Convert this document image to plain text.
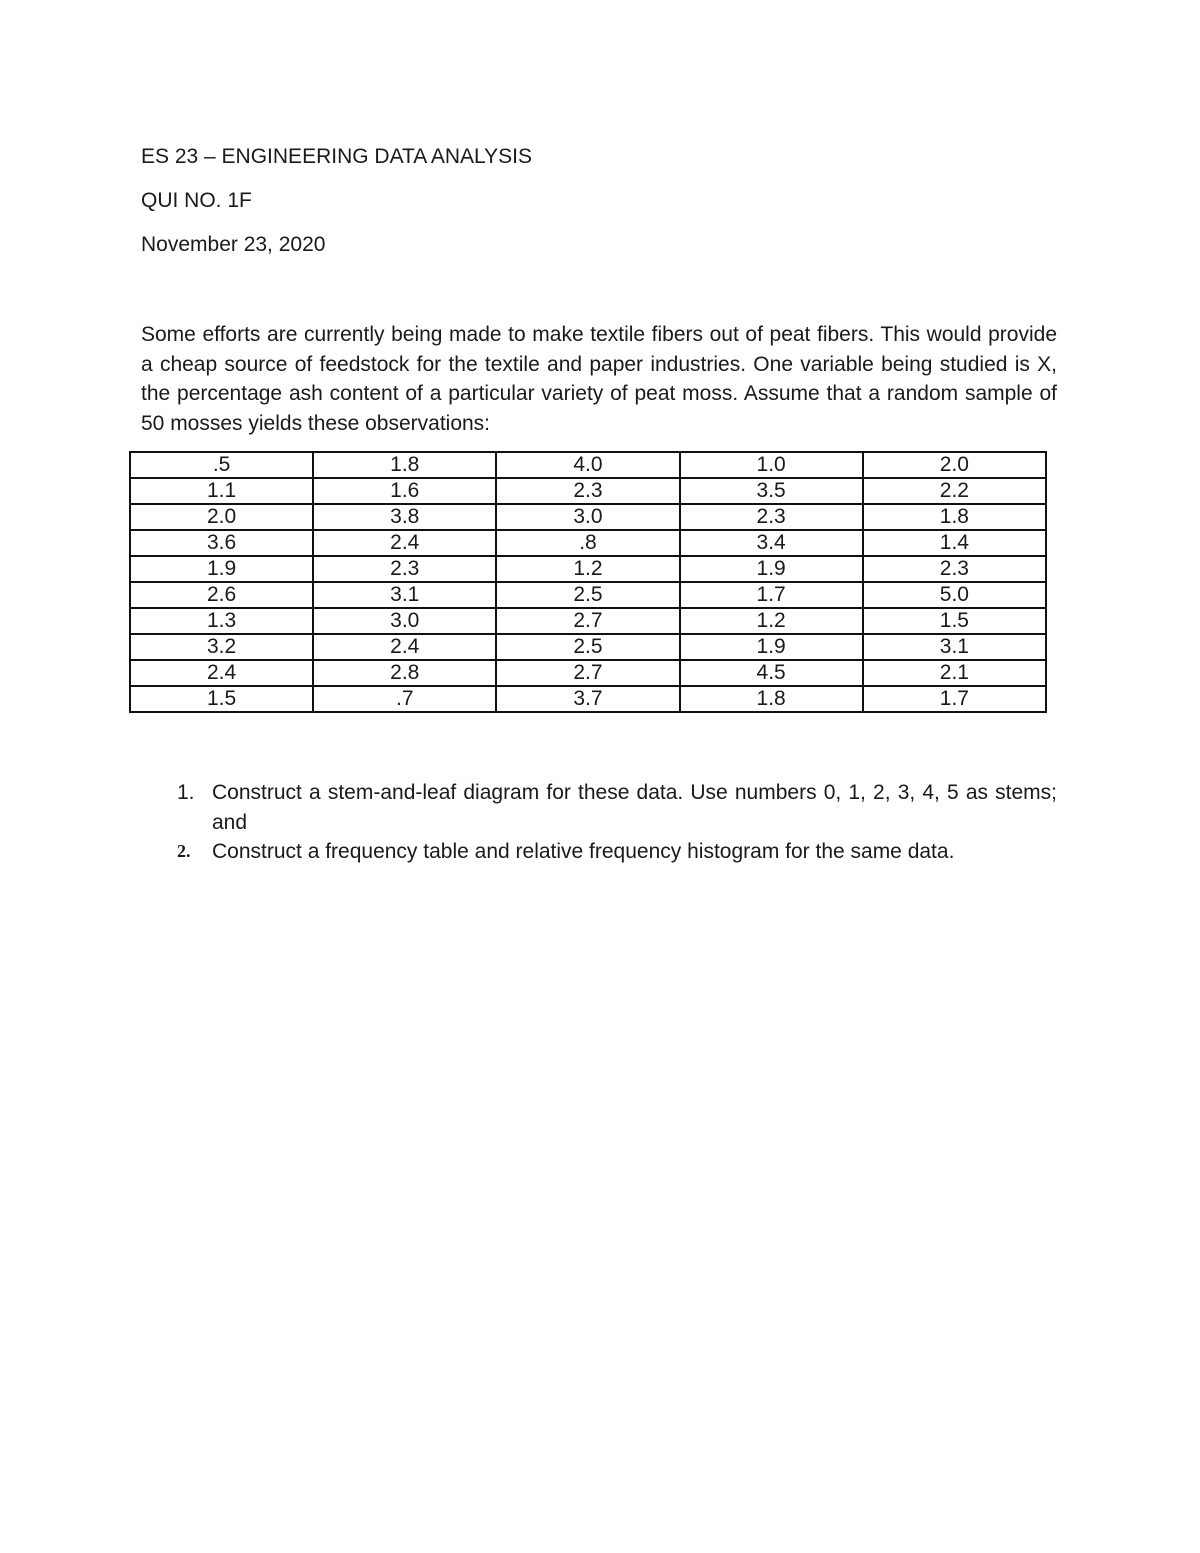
ES 23 – ENGINEERING DATA ANALYSIS
QUI NO. 1F
November 23, 2020

Some efforts are currently being made to make textile fibers out of peat fibers. This would provide a cheap source of feedstock for the textile and paper industries. One variable being studied is X, the percentage ash content of a particular variety of peat moss. Assume that a random sample of 50 mosses yields these observations:

.5	1.8	4.0	1.0	2.0
1.1	1.6	2.3	3.5	2.2
2.0	3.8	3.0	2.3	1.8
3.6	2.4	.8	3.4	1.4
1.9	2.3	1.2	1.9	2.3
2.6	3.1	2.5	1.7	5.0
1.3	3.0	2.7	1.2	1.5
3.2	2.4	2.5	1.9	3.1
2.4	2.8	2.7	4.5	2.1
1.5	.7	3.7	1.8	1.7
1. Construct a stem-and-leaf diagram for these data. Use numbers 0, 1, 2, 3, 4, 5 as stems; and
2. Construct a frequency table and relative frequency histogram for the same data.
